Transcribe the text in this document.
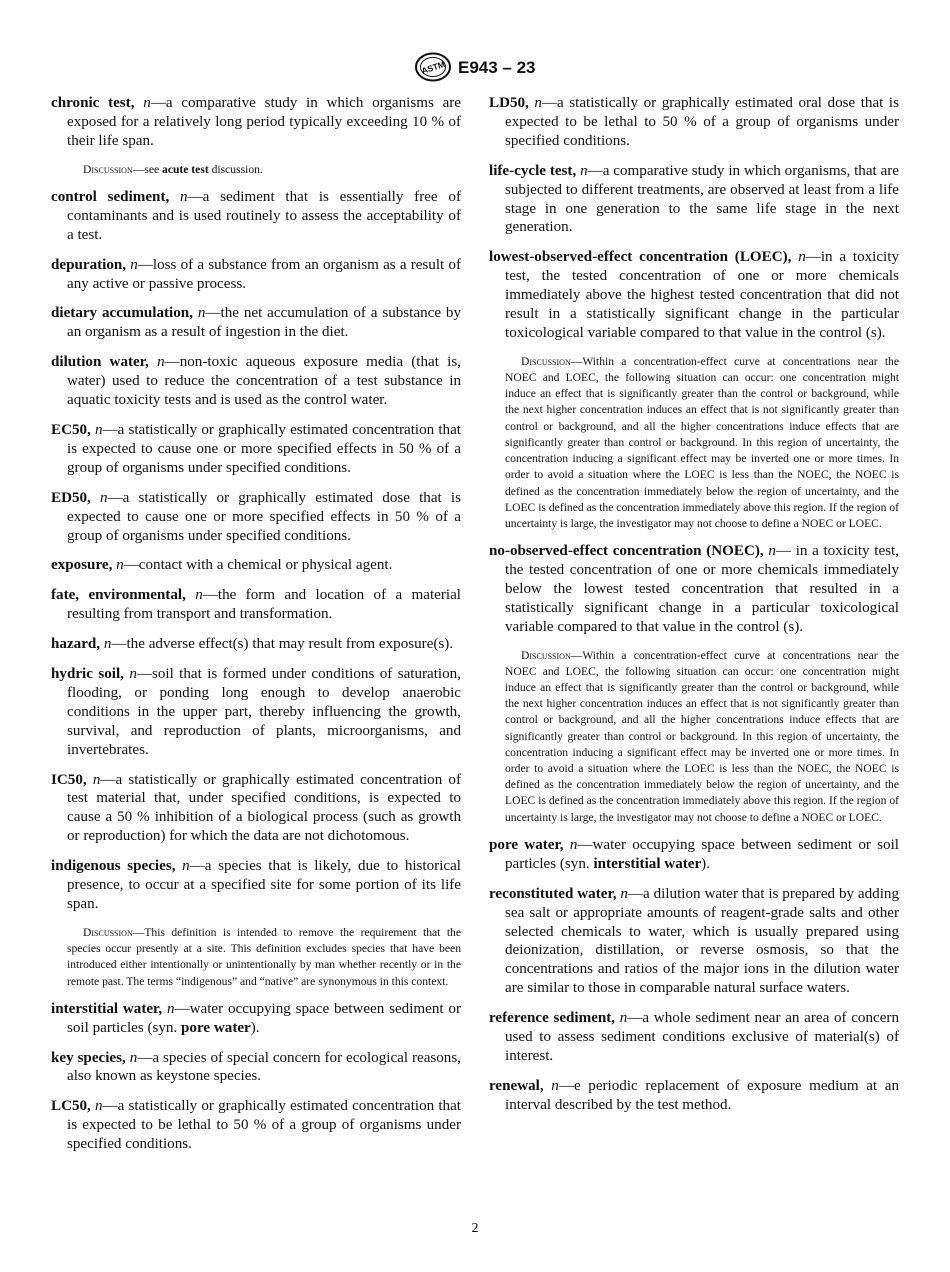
ASTM E943 – 23

chronic test, n—a comparative study in which organisms are exposed for a relatively long period typically exceeding 10 % of their life span.

Discussion—see acute test discussion.

control sediment, n—a sediment that is essentially free of contaminants and is used routinely to assess the acceptability of a test.

depuration, n—loss of a substance from an organism as a result of any active or passive process.

dietary accumulation, n—the net accumulation of a substance by an organism as a result of ingestion in the diet.

dilution water, n—non-toxic aqueous exposure media (that is, water) used to reduce the concentration of a test substance in aquatic toxicity tests and is used as the control water.

EC50, n—a statistically or graphically estimated concentration that is expected to cause one or more specified effects in 50 % of a group of organisms under specified conditions.

ED50, n—a statistically or graphically estimated dose that is expected to cause one or more specified effects in 50 % of a group of organisms under specified conditions.

exposure, n—contact with a chemical or physical agent.

fate, environmental, n—the form and location of a material resulting from transport and transformation.

hazard, n—the adverse effect(s) that may result from exposure(s).

hydric soil, n—soil that is formed under conditions of saturation, flooding, or ponding long enough to develop anaerobic conditions in the upper part, thereby influencing the growth, survival, and reproduction of plants, microorganisms, and invertebrates.

IC50, n—a statistically or graphically estimated concentration of test material that, under specified conditions, is expected to cause a 50 % inhibition of a biological process (such as growth or reproduction) for which the data are not dichotomous.

indigenous species, n—a species that is likely, due to historical presence, to occur at a specified site for some portion of its life span.

Discussion—This definition is intended to remove the requirement that the species occur presently at a site. This definition excludes species that have been introduced either intentionally or unintentionally by man whether recently or in the remote past. The terms “indigenous” and “native” are synonymous in this context.

interstitial water, n—water occupying space between sediment or soil particles (syn. pore water).

key species, n—a species of special concern for ecological reasons, also known as keystone species.

LC50, n—a statistically or graphically estimated concentration that is expected to be lethal to 50 % of a group of organisms under specified conditions.

LD50, n—a statistically or graphically estimated oral dose that is expected to be lethal to 50 % of a group of organisms under specified conditions.

life-cycle test, n—a comparative study in which organisms, that are subjected to different treatments, are observed at least from a life stage in one generation to the same life stage in the next generation.

lowest-observed-effect concentration (LOEC), n—in a toxicity test, the tested concentration of one or more chemicals immediately above the highest tested concentration that did not result in a statistically significant change in the particular toxicological variable compared to that value in the control (s).

Discussion—Within a concentration-effect curve at concentrations near the NOEC and LOEC, the following situation can occur: one concentration might induce an effect that is significantly greater than the control or background, while the next higher concentration induces an effect that is not significantly greater than control or background, and all the higher concentrations induce effects that are significantly greater than control or background. In this region of uncertainty, the concentration inducing a significant effect may be inverted one or more times. In order to avoid a situation where the LOEC is less than the NOEC, the NOEC is defined as the concentration immediately below the region of uncertainty, and the LOEC is defined as the concentration immediately above this region. If the region of uncertainty is large, the investigator may not choose to define a NOEC or LOEC.

no-observed-effect concentration (NOEC), n— in a toxicity test, the tested concentration of one or more chemicals immediately below the lowest tested concentration that resulted in a statistically significant change in a particular toxicological variable compared to that value in the control (s).

Discussion—Within a concentration-effect curve at concentrations near the NOEC and LOEC, the following situation can occur: one concentration might induce an effect that is significantly greater than the control or background, while the next higher concentration induces an effect that is not significantly greater than control or background, and all the higher concentrations induce effects that are significantly greater than control or background. In this region of uncertainty, the concentration inducing a significant effect may be inverted one or more times. In order to avoid a situation where the LOEC is less than the NOEC, the NOEC is defined as the concentration immediately below the region of uncertainty, and the LOEC is defined as the concentration immediately above this region. If the region of uncertainty is large, the investigator may not choose to define a NOEC or LOEC.

pore water, n—water occupying space between sediment or soil particles (syn. interstitial water).

reconstituted water, n—a dilution water that is prepared by adding sea salt or appropriate amounts of reagent-grade salts and other selected chemicals to water, which is usually prepared using deionization, distillation, or reverse osmosis, so that the concentrations and ratios of the major ions in the dilution water are similar to those in comparable natural surface waters.

reference sediment, n—a whole sediment near an area of concern used to assess sediment conditions exclusive of material(s) of interest.

renewal, n—e periodic replacement of exposure medium at an interval described by the test method.

2
